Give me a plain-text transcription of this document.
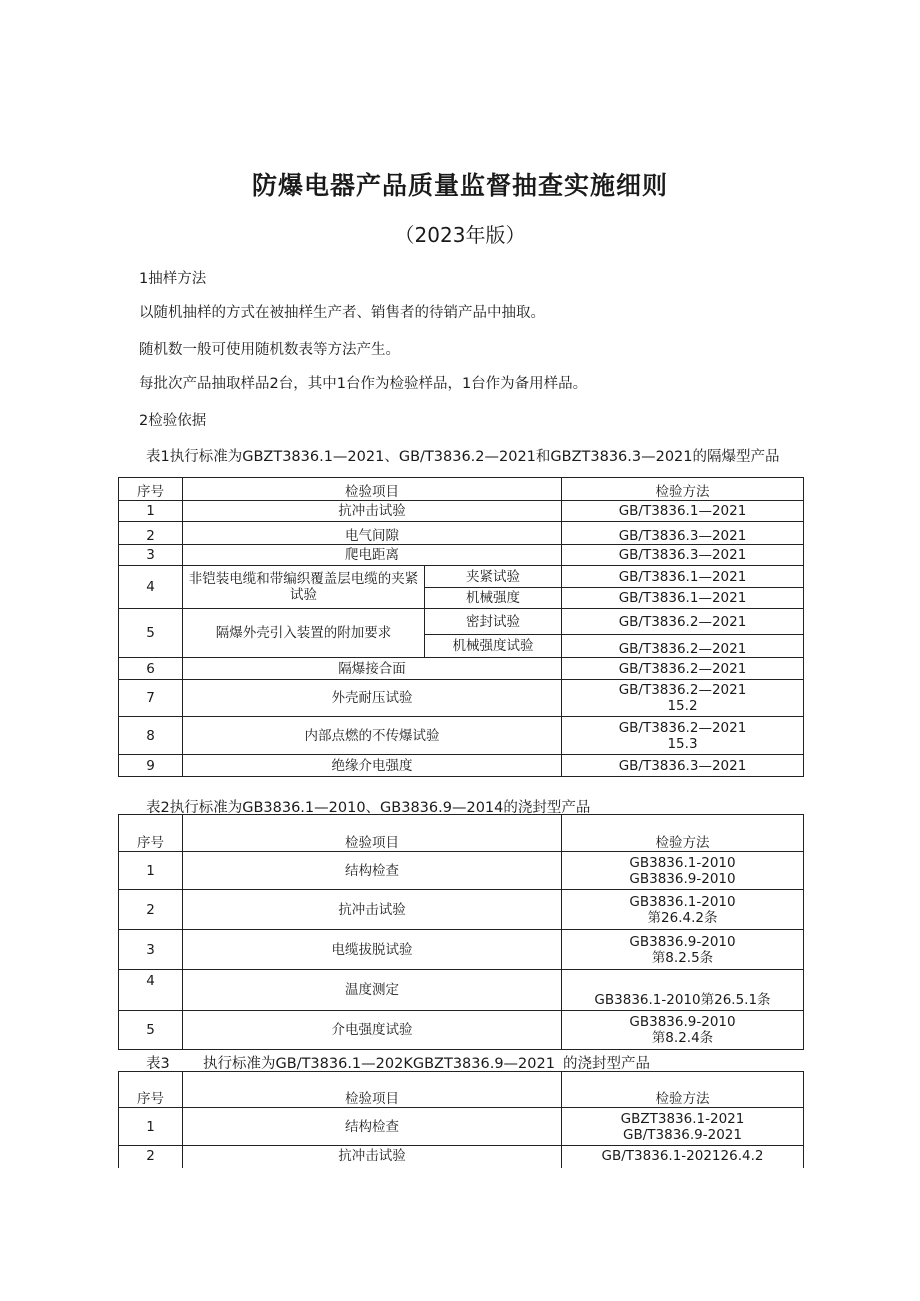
防爆电器产品质量监督抽查实施细则
（2023年版）
1抽样方法
以随机抽样的方式在被抽样生产者、销售者的待销产品中抽取。
随机数一般可使用随机数表等方法产生。
每批次产品抽取样品2台，其中1台作为检验样品，1台作为备用样品。
2检验依据
表1执行标准为GBZT3836.1—2021、GB/T3836.2—2021和GBZT3836.3—2021的隔爆型产品
序号	检验项目		检验方法
1	抗冲击试验		GB/T3836.1—2021
2	电气间隙		GB/T3836.3—2021
3	爬电距离		GB/T3836.3—2021
4	非铠装电缆和带编织覆盖层电缆的夹紧试验	夹紧试验	GB/T3836.1—2021
		机械强度	GB/T3836.1—2021
5	隔爆外壳引入装置的附加要求	密封试验	GB/T3836.2—2021
		机械强度试验	GB/T3836.2—2021
6	隔爆接合面		GB/T3836.2—2021
7	外壳耐压试验		GB/T3836.2—2021
15.2

8	内部点燃的不传爆试验		GB/T3836.2—2021
15.3

9	绝缘介电强度		GB/T3836.3—2021
表2执行标准为GB3836.1—2010、GB3836.9—2014的浇封型产品
序号	检验项目	检验方法
1	结构检查	GB3836.1-2010
GB3836.9-2010

2	抗冲击试验	GB3836.1-2010
第26.4.2条

3	电缆拔脱试验	GB3836.9-2010
第8.2.5条

4	温度测定	GB3836.1-2010第26.5.1条
5	介电强度试验	GB3836.9-2010
第8.2.4条
表3 执行标准为GB/T3836.1—202KGBZT3836.9—2021 的浇封型产品
序号	检验项目	检验方法
1	结构检查	GBZT3836.1-2021
GB/T3836.9-2021

2	抗冲击试验	GB/T3836.1-202126.4.2
